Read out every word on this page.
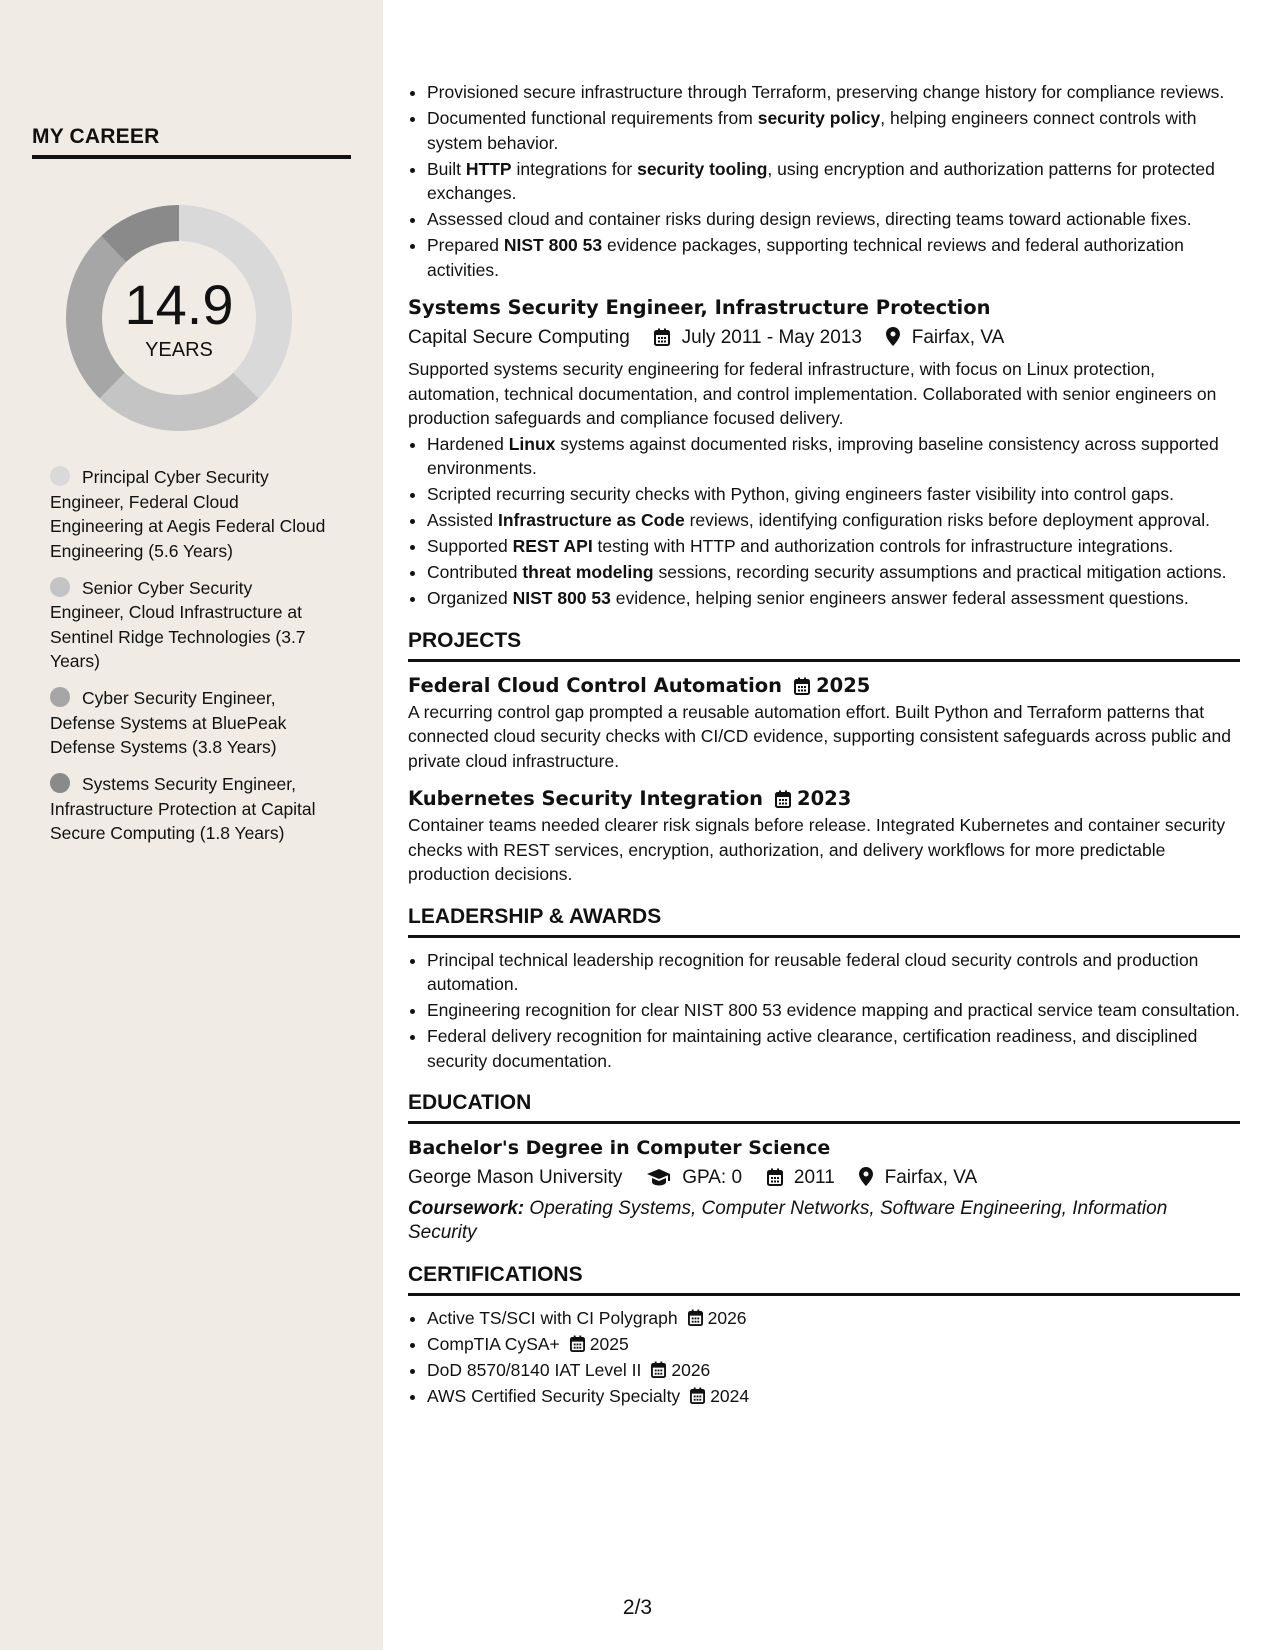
MY CAREER
14.9
YEARS
Principal Cyber Security Engineer, Federal Cloud Engineering at Aegis Federal Cloud Engineering (5.6 Years)
Senior Cyber Security Engineer, Cloud Infrastructure at Sentinel Ridge Technologies (3.7 Years)
Cyber Security Engineer, Defense Systems at BluePeak Defense Systems (3.8 Years)
Systems Security Engineer, Infrastructure Protection at Capital Secure Computing (1.8 Years)
• Provisioned secure infrastructure through Terraform, preserving change history for compliance reviews.
• Documented functional requirements from security policy, helping engineers connect controls with system behavior.
• Built HTTP integrations for security tooling, using encryption and authorization patterns for protected exchanges.
• Assessed cloud and container risks during design reviews, directing teams toward actionable fixes.
• Prepared NIST 800 53 evidence packages, supporting technical reviews and federal authorization activities.
Systems Security Engineer, Infrastructure Protection
Capital Secure Computing	July 2011 - May 2013	Fairfax, VA
Supported systems security engineering for federal infrastructure, with focus on Linux protection, automation, technical documentation, and control implementation. Collaborated with senior engineers on production safeguards and compliance focused delivery.
• Hardened Linux systems against documented risks, improving baseline consistency across supported environments.
• Scripted recurring security checks with Python, giving engineers faster visibility into control gaps.
• Assisted Infrastructure as Code reviews, identifying configuration risks before deployment approval.
• Supported REST API testing with HTTP and authorization controls for infrastructure integrations.
• Contributed threat modeling sessions, recording security assumptions and practical mitigation actions.
• Organized NIST 800 53 evidence, helping senior engineers answer federal assessment questions.
PROJECTS
Federal Cloud Control Automation 2025
A recurring control gap prompted a reusable automation effort. Built Python and Terraform patterns that connected cloud security checks with CI/CD evidence, supporting consistent safeguards across public and private cloud infrastructure.
Kubernetes Security Integration 2023
Container teams needed clearer risk signals before release. Integrated Kubernetes and container security checks with REST services, encryption, authorization, and delivery workflows for more predictable production decisions.
LEADERSHIP & AWARDS
• Principal technical leadership recognition for reusable federal cloud security controls and production automation.
• Engineering recognition for clear NIST 800 53 evidence mapping and practical service team consultation.
• Federal delivery recognition for maintaining active clearance, certification readiness, and disciplined security documentation.
EDUCATION
Bachelor's Degree in Computer Science
George Mason University	GPA: 0	2011	Fairfax, VA
Coursework: Operating Systems, Computer Networks, Software Engineering, Information Security
CERTIFICATIONS
• Active TS/SCI with CI Polygraph 2026
• CompTIA CySA+ 2025
• DoD 8570/8140 IAT Level II 2026
• AWS Certified Security Specialty 2024
2/3
